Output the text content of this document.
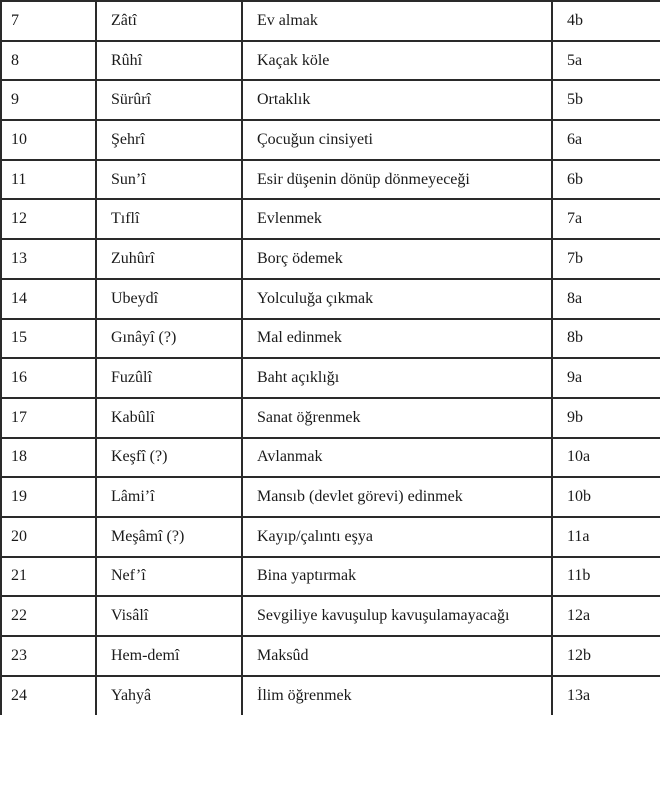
7	Zâtî	Ev almak	4b
8	Rûhî	Kaçak köle	5a
9	Sürûrî	Ortaklık	5b
10	Şehrî	Çocuğun cinsiyeti	6a
11	Sun’î	Esir düşenin dönüp dönmeyeceği	6b
12	Tıflî	Evlenmek	7a
13	Zuhûrî	Borç ödemek	7b
14	Ubeydî	Yolculuğa çıkmak	8a
15	Gınâyî (?)	Mal edinmek	8b
16	Fuzûlî	Baht açıklığı	9a
17	Kabûlî	Sanat öğrenmek	9b
18	Keşfî (?)	Avlanmak	10a
19	Lâmi’î	Mansıb (devlet görevi) edinmek	10b
20	Meşâmî (?)	Kayıp/çalıntı eşya	11a
21	Nef’î	Bina yaptırmak	11b
22	Visâlî	Sevgiliye kavuşulup kavuşulamayacağı	12a
23	Hem-demî	Maksûd	12b
24	Yahyâ	İlim öğrenmek	13a
